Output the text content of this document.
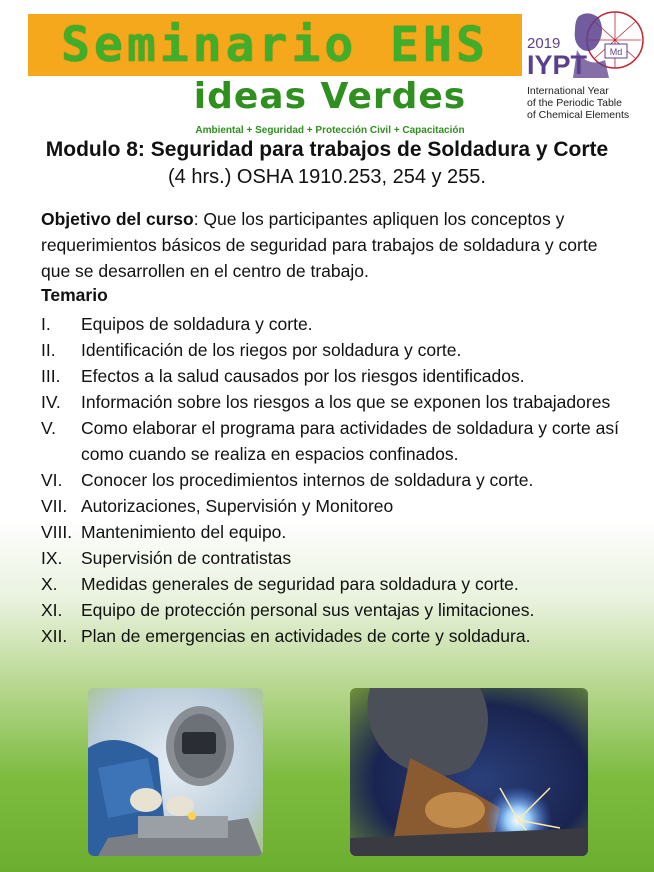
Seminario EHS	Md
2019
IYPT
International Year
of the Periodic Table
of Chemical Elements
ideas Verdes
Ambiental + Seguridad + Protección Civil + Capacitación
Modulo 8: Seguridad para trabajos de Soldadura y Corte
(4 hrs.) OSHA 1910.253, 254 y 255.
Objetivo del curso: Que los participantes apliquen los conceptos y requerimientos básicos de seguridad para trabajos de soldadura y corte que se desarrollen en el centro de trabajo.
Temario
I.	Equipos de soldadura y corte.
II.	Identificación de los riegos por soldadura y corte.
III.	Efectos a la salud causados por los riesgos identificados.
IV.	Información sobre los riesgos a los que se exponen los trabajadores
V.	Como elaborar el programa para actividades de soldadura y corte así como cuando se realiza en espacios confinados.
VI.	Conocer los procedimientos internos de soldadura y corte.
VII. Autorizaciones, Supervisión y Monitoreo
VIII. Mantenimiento del equipo.
IX.	Supervisión de contratistas
X.	Medidas generales de seguridad para soldadura y corte.
XI.	Equipo de protección personal sus ventajas y limitaciones.
XII. Plan de emergencias en actividades de corte y soldadura.
